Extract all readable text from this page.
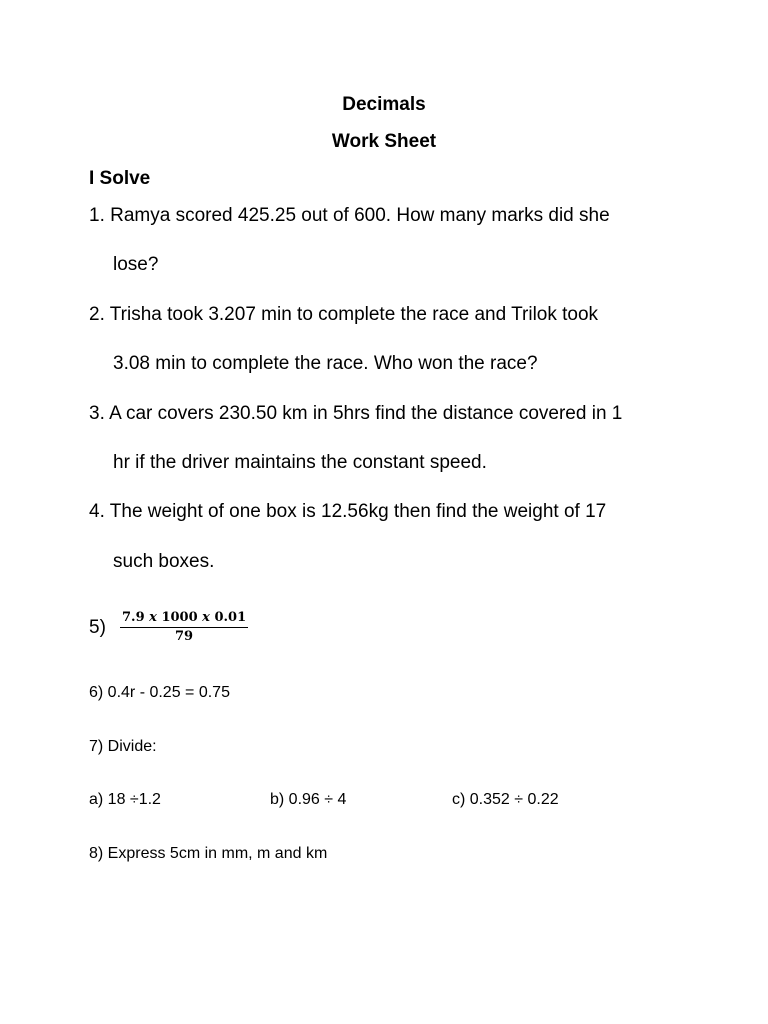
Decimals
Work Sheet
I Solve
1. Ramya scored 425.25 out of 600. How many marks did she
lose?
2. Trisha took 3.207 min to complete the race and Trilok took
3.08 min to complete the race. Who won the race?
3. A car covers 230.50 km in 5hrs find the distance covered in 1
hr if the driver maintains the constant speed.
4. The weight of one box is 12.56kg then find the weight of 17
such boxes.
$5) \frac{7.9 x 1000 x 0.01}{79}$
6) 0.4r - 0.25 = 0.75
7) Divide:
a) 18 ÷1.2	b) 0.96 ÷ 4	c) 0.352 ÷ 0.22
8) Express 5cm in mm, m and km
